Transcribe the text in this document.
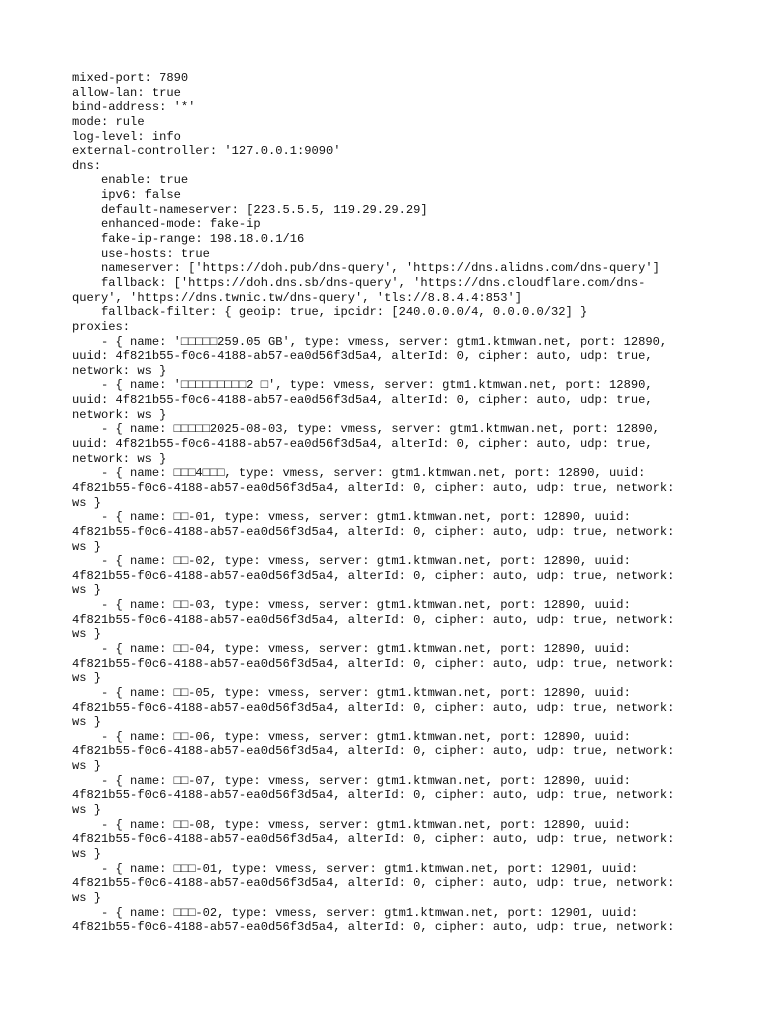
mixed-port: 7890
allow-lan: true
bind-address: '*'
mode: rule
log-level: info
external-controller: '127.0.0.1:9090'
dns:
enable: true
ipv6: false
default-nameserver: [223.5.5.5, 119.29.29.29]
enhanced-mode: fake-ip
fake-ip-range: 198.18.0.1/16
use-hosts: true
nameserver: ['https://doh.pub/dns-query', 'https://dns.alidns.com/dns-query']
fallback: ['https://doh.dns.sb/dns-query', 'https://dns.cloudflare.com/dns-
query', 'https://dns.twnic.tw/dns-query', 'tls://8.8.4.4:853']
fallback-filter: { geoip: true, ipcidr: [240.0.0.0/4, 0.0.0.0/32] }
proxies:
- { name: '□□□□□259.05 GB', type: vmess, server: gtm1.ktmwan.net, port: 12890,
uuid: 4f821b55-f0c6-4188-ab57-ea0d56f3d5a4, alterId: 0, cipher: auto, udp: true,
network: ws }
- { name: '□□□□□□□□□2 □', type: vmess, server: gtm1.ktmwan.net, port: 12890,
uuid: 4f821b55-f0c6-4188-ab57-ea0d56f3d5a4, alterId: 0, cipher: auto, udp: true,
network: ws }
- { name: □□□□□2025-08-03, type: vmess, server: gtm1.ktmwan.net, port: 12890,
uuid: 4f821b55-f0c6-4188-ab57-ea0d56f3d5a4, alterId: 0, cipher: auto, udp: true,
network: ws }
- { name: □□□4□□□, type: vmess, server: gtm1.ktmwan.net, port: 12890, uuid:
4f821b55-f0c6-4188-ab57-ea0d56f3d5a4, alterId: 0, cipher: auto, udp: true, network:
ws }
- { name: □□-01, type: vmess, server: gtm1.ktmwan.net, port: 12890, uuid:
4f821b55-f0c6-4188-ab57-ea0d56f3d5a4, alterId: 0, cipher: auto, udp: true, network:
ws }
- { name: □□-02, type: vmess, server: gtm1.ktmwan.net, port: 12890, uuid:
4f821b55-f0c6-4188-ab57-ea0d56f3d5a4, alterId: 0, cipher: auto, udp: true, network:
ws }
- { name: □□-03, type: vmess, server: gtm1.ktmwan.net, port: 12890, uuid:
4f821b55-f0c6-4188-ab57-ea0d56f3d5a4, alterId: 0, cipher: auto, udp: true, network:
ws }
- { name: □□-04, type: vmess, server: gtm1.ktmwan.net, port: 12890, uuid:
4f821b55-f0c6-4188-ab57-ea0d56f3d5a4, alterId: 0, cipher: auto, udp: true, network:
ws }
- { name: □□-05, type: vmess, server: gtm1.ktmwan.net, port: 12890, uuid:
4f821b55-f0c6-4188-ab57-ea0d56f3d5a4, alterId: 0, cipher: auto, udp: true, network:
ws }
- { name: □□-06, type: vmess, server: gtm1.ktmwan.net, port: 12890, uuid:
4f821b55-f0c6-4188-ab57-ea0d56f3d5a4, alterId: 0, cipher: auto, udp: true, network:
ws }
- { name: □□-07, type: vmess, server: gtm1.ktmwan.net, port: 12890, uuid:
4f821b55-f0c6-4188-ab57-ea0d56f3d5a4, alterId: 0, cipher: auto, udp: true, network:
ws }
- { name: □□-08, type: vmess, server: gtm1.ktmwan.net, port: 12890, uuid:
4f821b55-f0c6-4188-ab57-ea0d56f3d5a4, alterId: 0, cipher: auto, udp: true, network:
ws }
- { name: □□□-01, type: vmess, server: gtm1.ktmwan.net, port: 12901, uuid:
4f821b55-f0c6-4188-ab57-ea0d56f3d5a4, alterId: 0, cipher: auto, udp: true, network:
ws }
- { name: □□□-02, type: vmess, server: gtm1.ktmwan.net, port: 12901, uuid:
4f821b55-f0c6-4188-ab57-ea0d56f3d5a4, alterId: 0, cipher: auto, udp: true, network:
